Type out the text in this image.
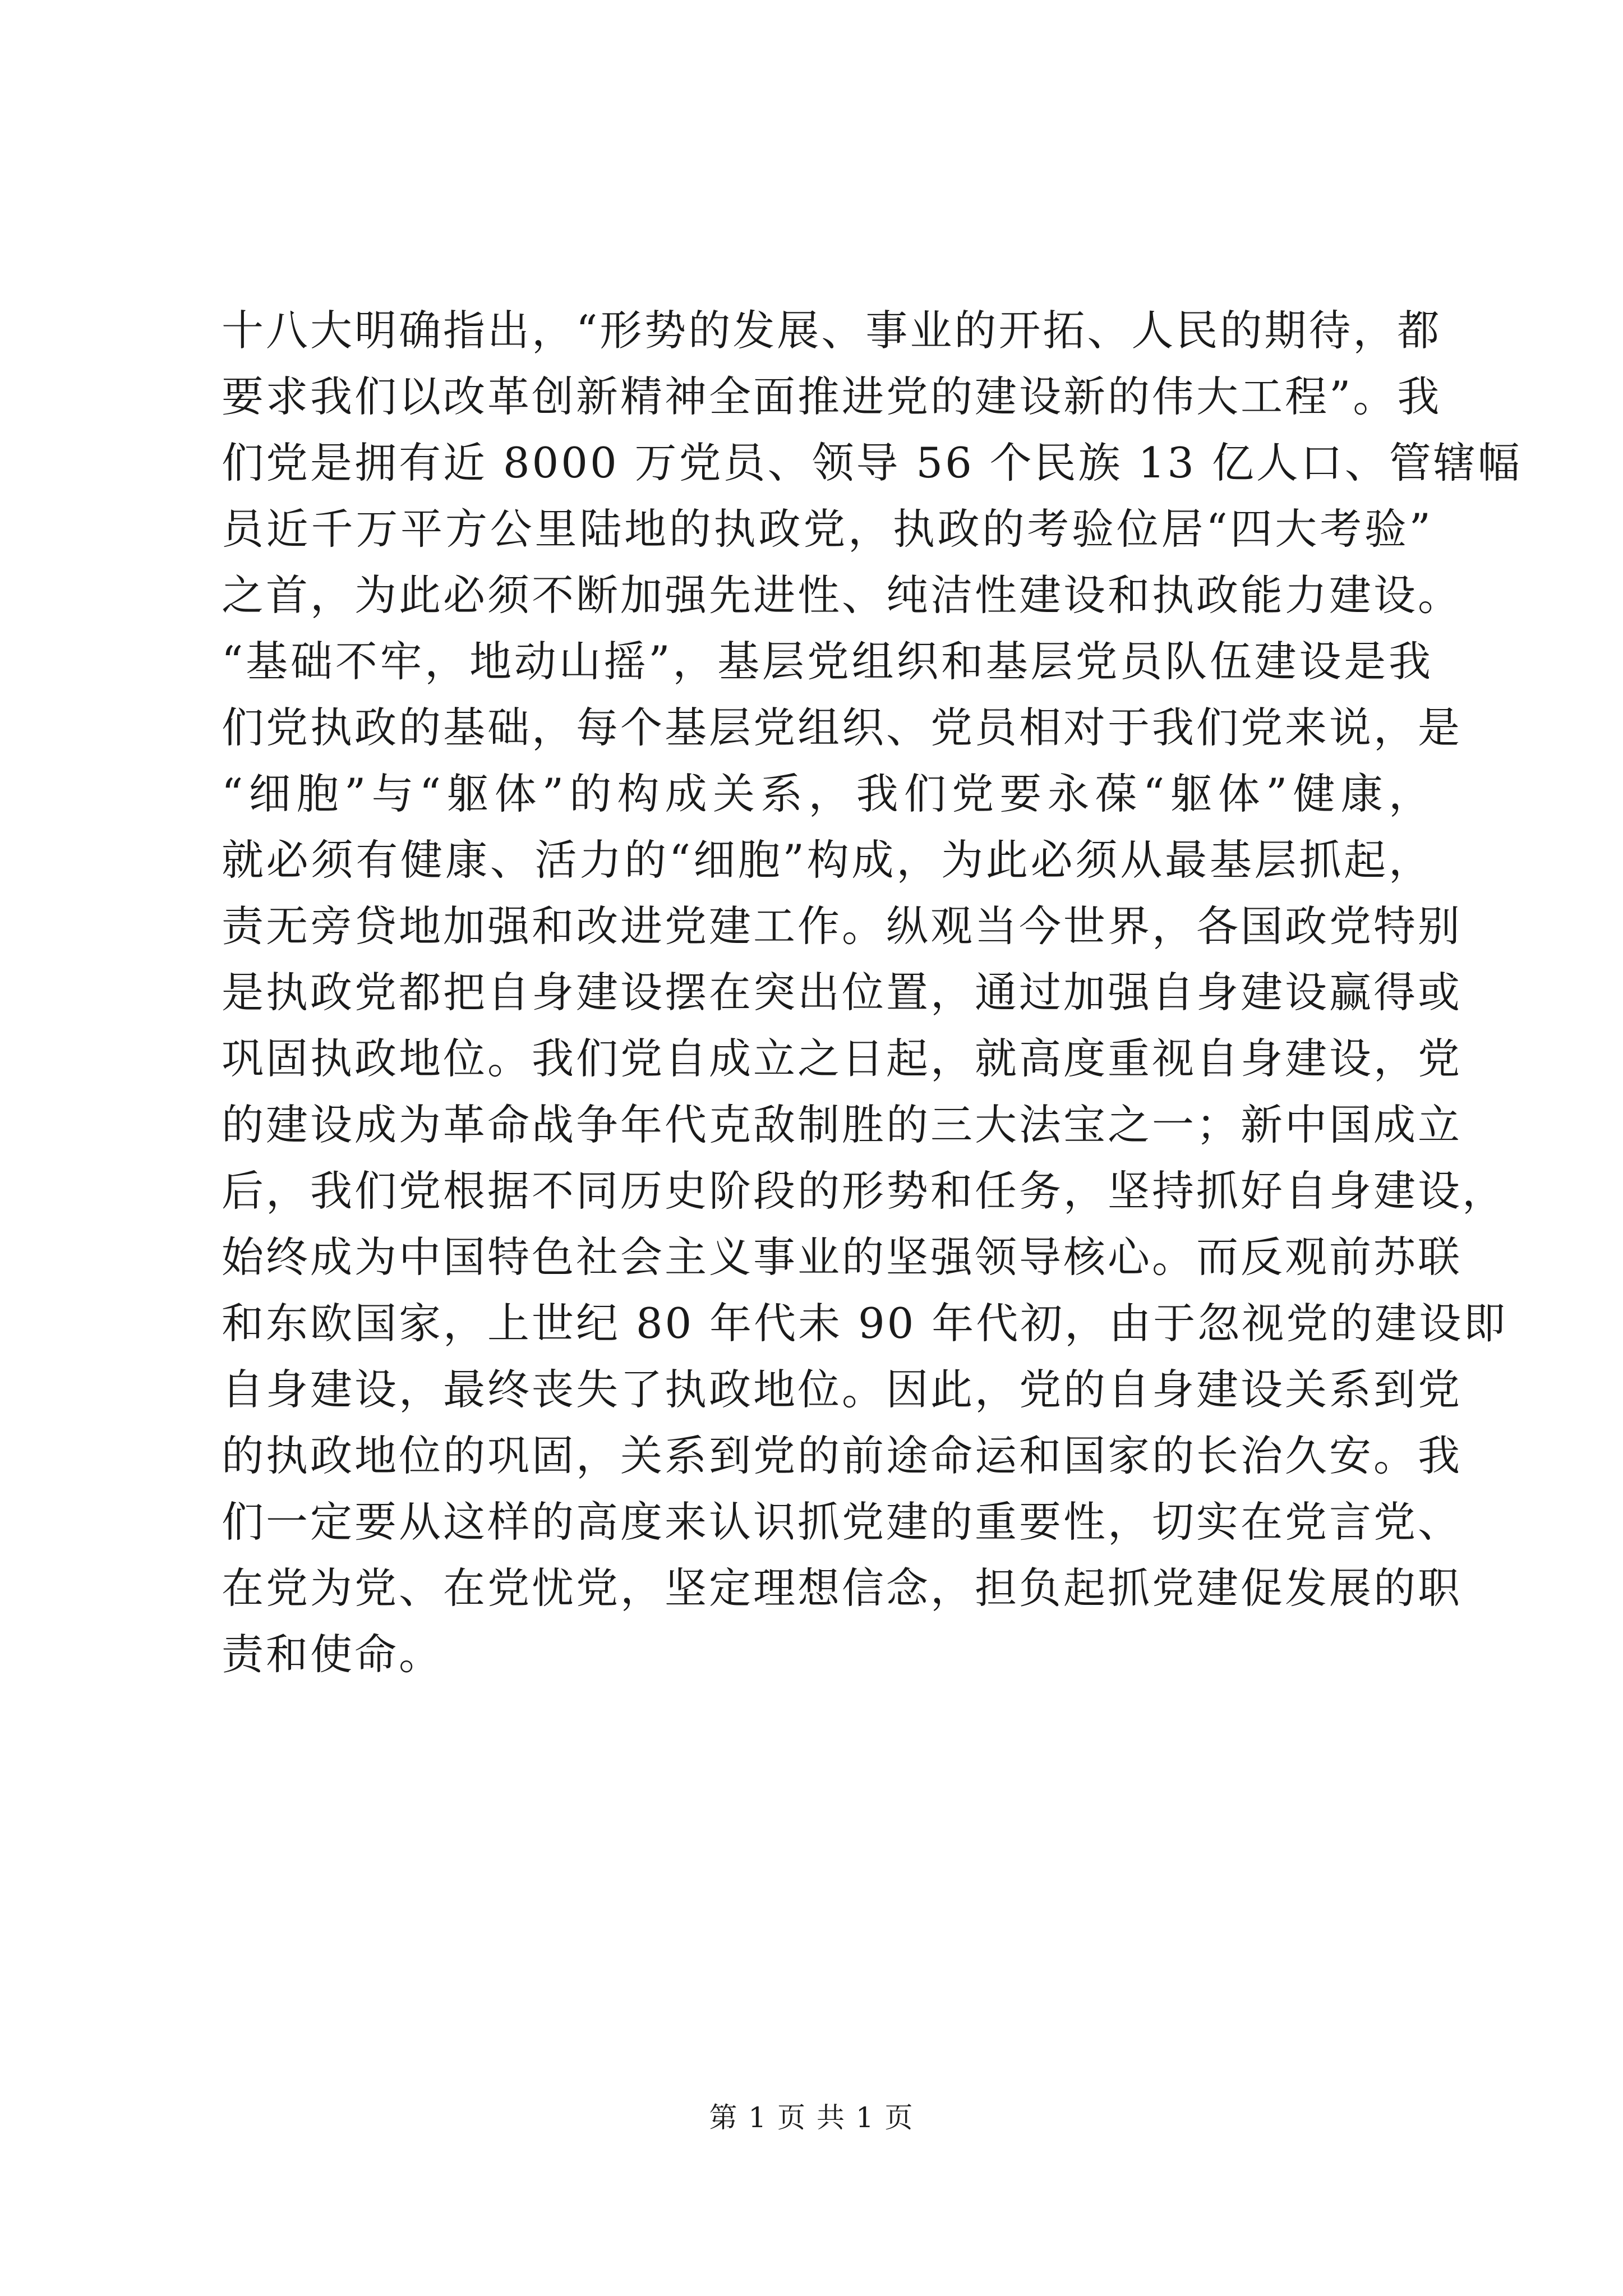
十八大明确指出，“形势的发展、事业的开拓、人民的期待，都
要求我们以改革创新精神全面推进党的建设新的伟大工程”。我
们党是拥有近 8000 万党员、领导 56 个民族 13 亿人口、管辖幅
员近千万平方公里陆地的执政党，执政的考验位居“四大考验”
之首，为此必须不断加强先进性、纯洁性建设和执政能力建设。
“基础不牢，地动山摇”，基层党组织和基层党员队伍建设是我
们党执政的基础，每个基层党组织、党员相对于我们党来说，是
“细胞”与“躯体”的构成关系，我们党要永葆“躯体”健康，
就必须有健康、活力的“细胞”构成，为此必须从最基层抓起，
责无旁贷地加强和改进党建工作。纵观当今世界，各国政党特别
是执政党都把自身建设摆在突出位置，通过加强自身建设赢得或
巩固执政地位。我们党自成立之日起，就高度重视自身建设，党
的建设成为革命战争年代克敌制胜的三大法宝之一；新中国成立
后，我们党根据不同历史阶段的形势和任务，坚持抓好自身建设，
始终成为中国特色社会主义事业的坚强领导核心。而反观前苏联
和东欧国家，上世纪 80 年代未 90 年代初，由于忽视党的建设即
自身建设，最终丧失了执政地位。因此，党的自身建设关系到党
的执政地位的巩固，关系到党的前途命运和国家的长治久安。我
们一定要从这样的高度来认识抓党建的重要性，切实在党言党、
在党为党、在党忧党，坚定理想信念，担负起抓党建促发展的职
责和使命。
第 1 页 共 1 页
